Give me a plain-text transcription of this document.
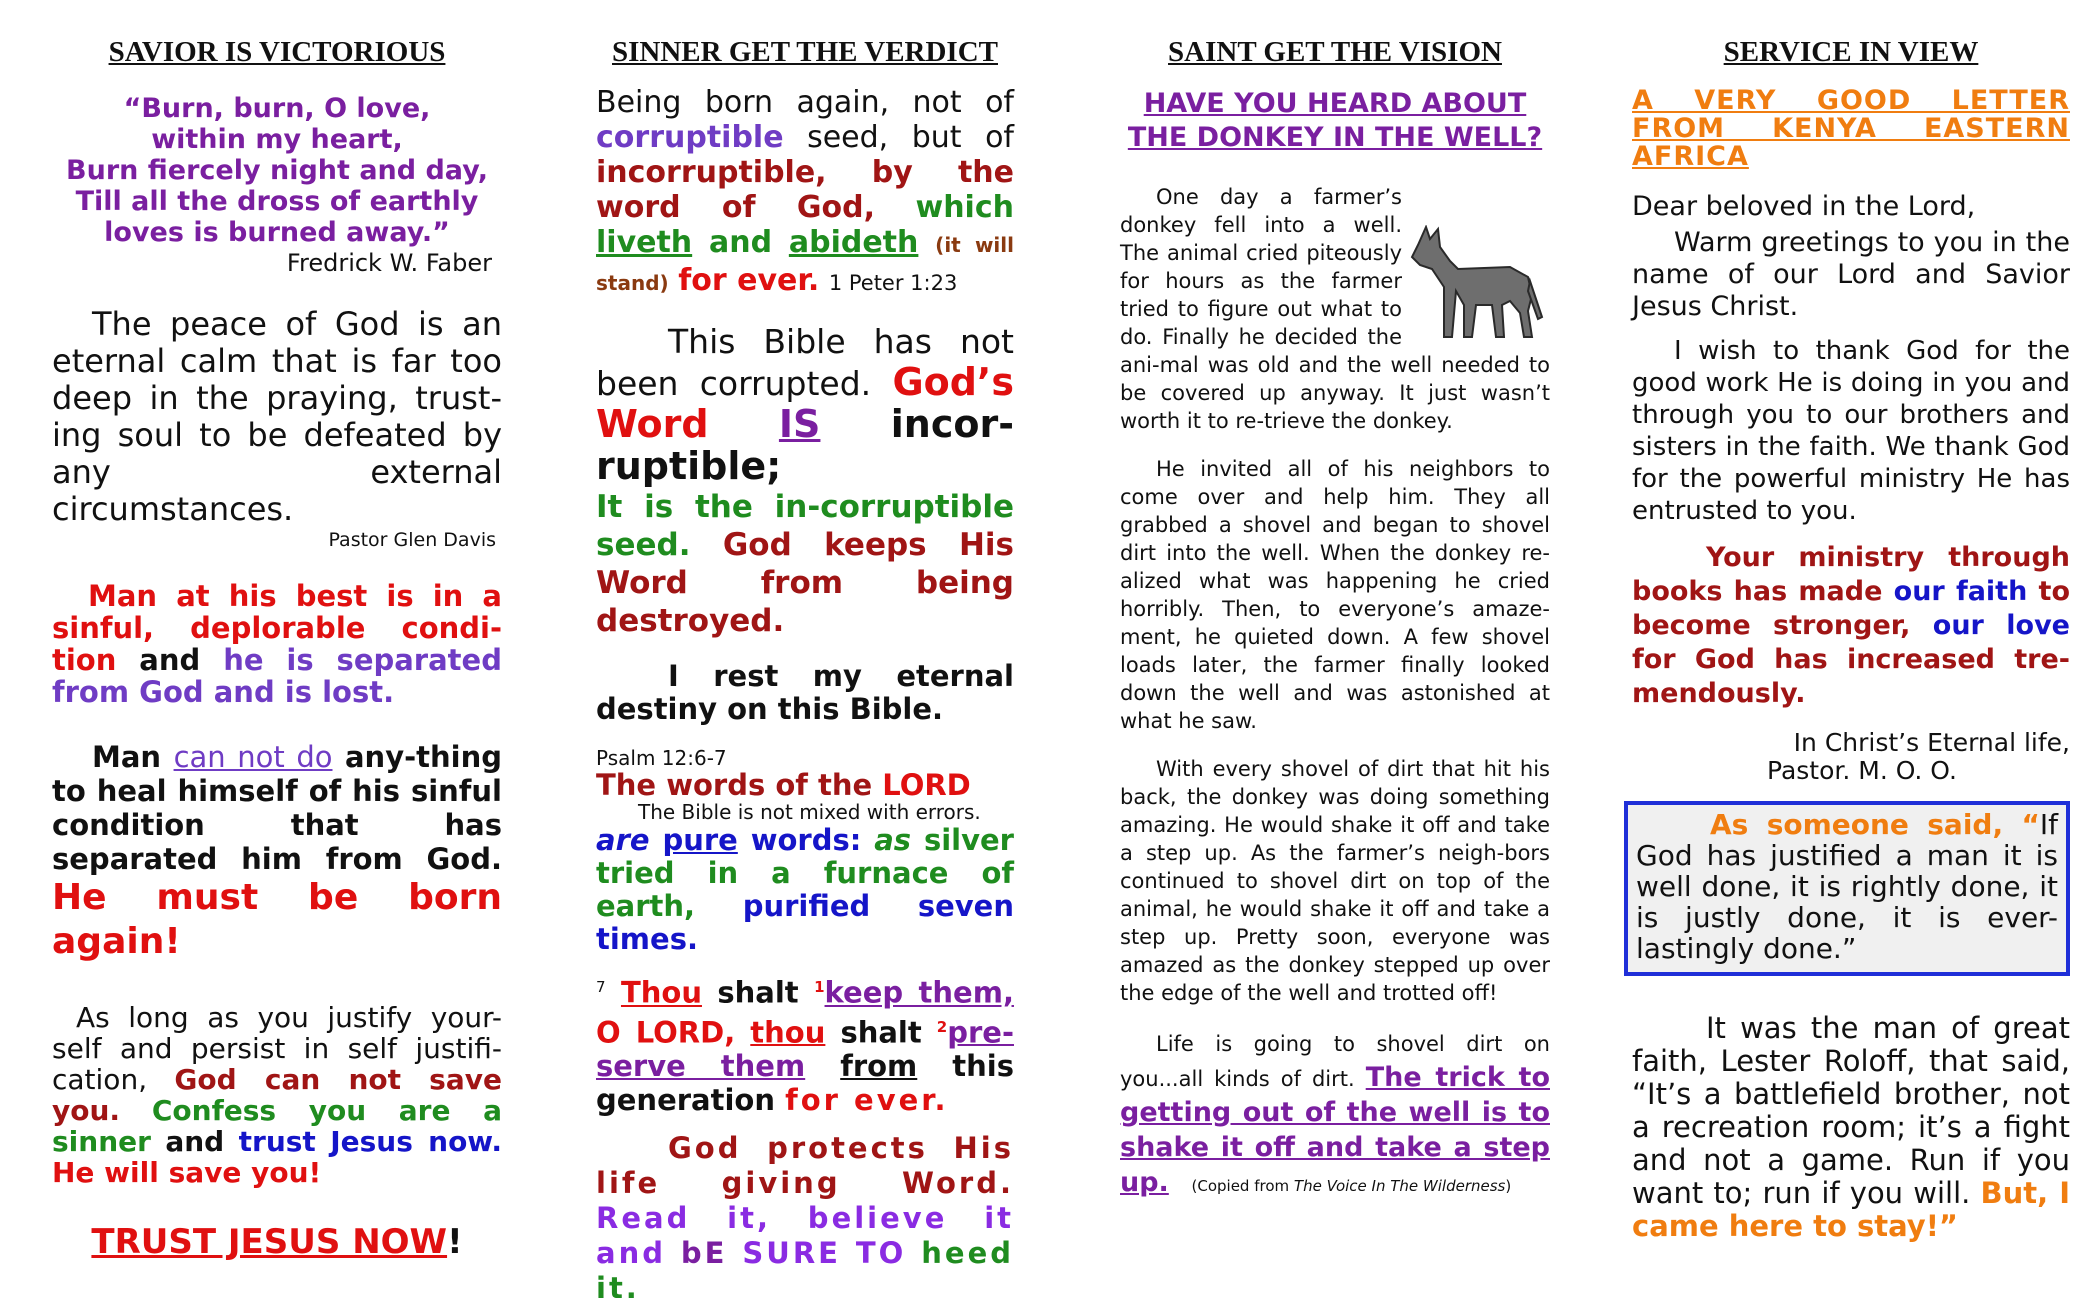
SAVIOR IS VICTORIOUS
“Burn, burn, O love, within my heart,
Burn fiercely night and day,
Till all the dross of earthly
loves is burned away.”
Fredrick W. Faber

The peace of God is an eternal calm that is far too deep in the praying, trust-ing soul to be defeated by any external circumstances.

Pastor Glen Davis

Man at his best is in a sinful, deplorable condi-tion and he is separated from God and is lost.

Man can not do any-thing to heal himself of his sinful condition that has separated him from God. He must be born again!

As long as you justify your-self and persist in self justifi-cation, God can not save you. Confess you are a sinner and trust Jesus now. He will save you!

TRUST JESUS NOW!
SINNER GET THE VERDICT

Being born again, not of corruptible seed, but of incorruptible, by the word of God, which liveth and abideth (it will stand) for ever. 1 Peter 1:23

This Bible has not been corrupted. God’s Word IS incor-ruptible;

It is the in-corruptible seed. God keeps His Word from being destroyed.

I rest my eternal destiny on this Bible.

Psalm 12:6-7
The words of the LORD
The Bible is not mixed with errors.

are pure words: as silver tried in a furnace of earth, purified seven times.

$^7$ Thou shalt $^1$keep them, O LORD, thou shalt $^2$pre-serve them from this generation for ever.

God protects His life giving Word. Read it, believe it and bE SURE TO heed it.

SAINT GET THE VISION
HAVE YOU HEARD ABOUT THE DONKEY IN THE WELL?

One day a farmer’s donkey fell into a well. The animal cried piteously for hours as the farmer tried to figure out what to do. Finally he decided the ani-mal was old and the well needed to be covered up anyway. It just wasn’t worth it to re-trieve the donkey.

He invited all of his neighbors to come over and help him. They all grabbed a shovel and began to shovel dirt into the well. When the donkey re-alized what was happening he cried horribly. Then, to everyone’s amaze-ment, he quieted down. A few shovel loads later, the farmer finally looked down the well and was astonished at what he saw.

With every shovel of dirt that hit his back, the donkey was doing something amazing. He would shake it off and take a step up. As the farmer’s neigh-bors continued to shovel dirt on top of the animal, he would shake it off and take a step up. Pretty soon, everyone was amazed as the donkey stepped up over the edge of the well and trotted off!

Life is going to shovel dirt on you...all kinds of dirt. The trick to getting out of the well is to shake it off and take a step up. (Copied from The Voice In The Wilderness)

SERVICE IN VIEW
A VERY GOOD LETTER FROM KENYA EASTERN AFRICA
Dear beloved in the Lord,

Warm greetings to you in the name of our Lord and Savior Jesus Christ.

I wish to thank God for the good work He is doing in you and through you to our brothers and sisters in the faith. We thank God for the powerful ministry He has entrusted to you.

Your ministry through books has made our faith to become stronger, our love for God has increased tre-mendously.

In Christ’s Eternal life,
Pastor. M. O. O.

As someone said, “If God has justified a man it is well done, it is rightly done, it is justly done, it is ever-lastingly done.”

It was the man of great faith, Lester Roloff, that said, “It’s a battlefield brother, not a recreation room; it’s a fight and not a game. Run if you want to; run if you will. But, I came here to stay!”
